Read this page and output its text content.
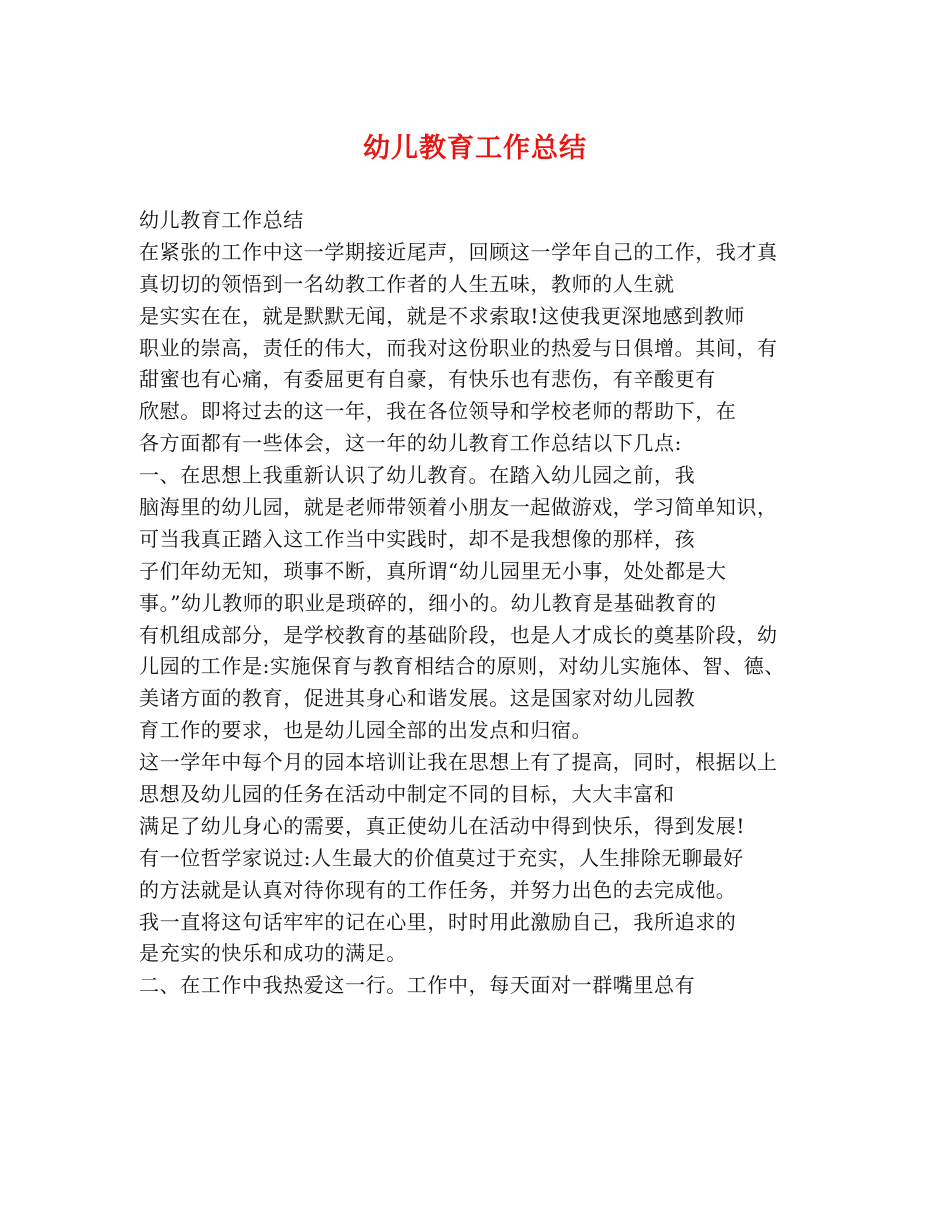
幼儿教育工作总结
幼儿教育工作总结
在紧张的工作中这一学期接近尾声，回顾这一学年自己的工作，我才真
真切切的领悟到一名幼教工作者的人生五味，教师的人生就
是实实在在，就是默默无闻，就是不求索取!这使我更深地感到教师
职业的崇高，责任的伟大，而我对这份职业的热爱与日俱增。其间，有
甜蜜也有心痛，有委屈更有自豪，有快乐也有悲伤，有辛酸更有
欣慰。即将过去的这一年，我在各位领导和学校老师的帮助下，在
各方面都有一些体会，这一年的幼儿教育工作总结以下几点:
一、在思想上我重新认识了幼儿教育。在踏入幼儿园之前，我
脑海里的幼儿园，就是老师带领着小朋友一起做游戏，学习简单知识，
可当我真正踏入这工作当中实践时，却不是我想像的那样，孩
子们年幼无知，琐事不断，真所谓“幼儿园里无小事，处处都是大
事。”幼儿教师的职业是琐碎的，细小的。幼儿教育是基础教育的
有机组成部分，是学校教育的基础阶段，也是人才成长的奠基阶段，幼
儿园的工作是:实施保育与教育相结合的原则，对幼儿实施体、智、德、
美诸方面的教育，促进其身心和谐发展。这是国家对幼儿园教
育工作的要求，也是幼儿园全部的出发点和归宿。
这一学年中每个月的园本培训让我在思想上有了提高，同时，根据以上
思想及幼儿园的任务在活动中制定不同的目标，大大丰富和
满足了幼儿身心的需要，真正使幼儿在活动中得到快乐，得到发展!
有一位哲学家说过:人生最大的价值莫过于充实，人生排除无聊最好
的方法就是认真对待你现有的工作任务，并努力出色的去完成他。
我一直将这句话牢牢的记在心里，时时用此激励自己，我所追求的
是充实的快乐和成功的满足。
二、在工作中我热爱这一行。工作中，每天面对一群嘴里总有
